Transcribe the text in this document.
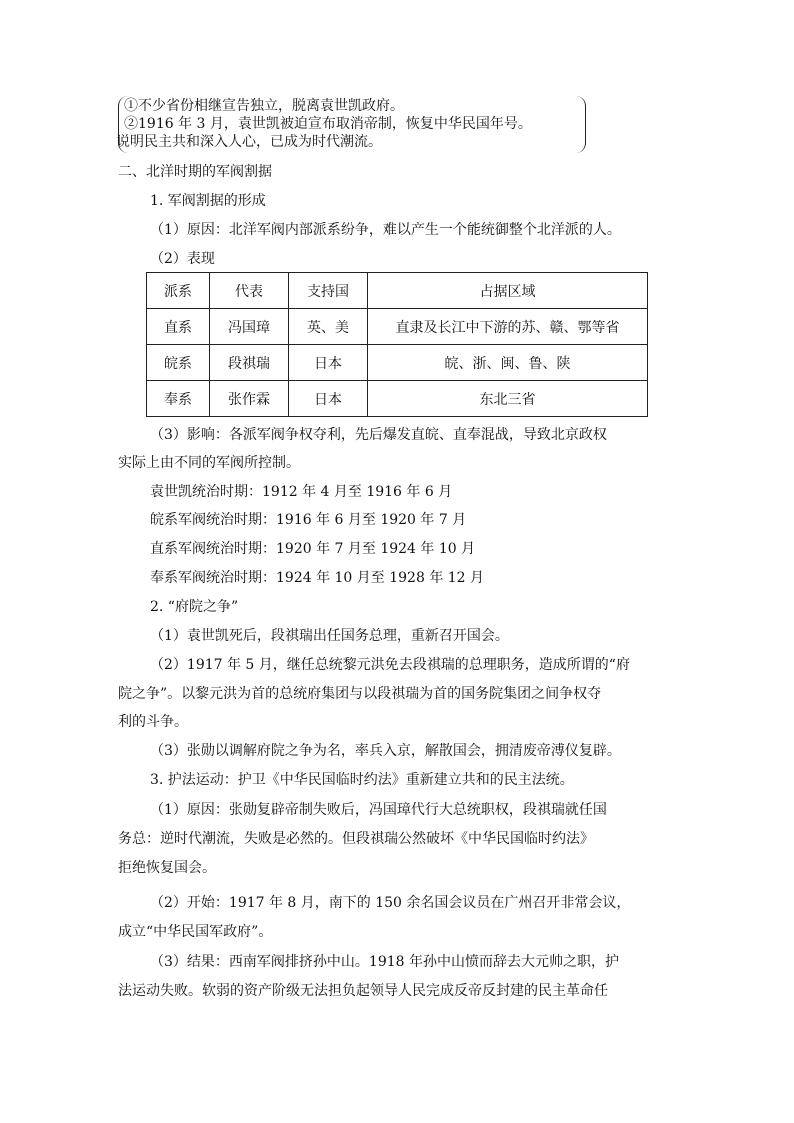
①不少省份相继宣告独立，脱离袁世凯政府。
②1916 年 3 月，袁世凯被迫宣布取消帝制，恢复中华民国年号。
说明民主共和深入人心，已成为时代潮流。
二、北洋时期的军阀割据
1. 军阀割据的形成
（1）原因：北洋军阀内部派系纷争，难以产生一个能统御整个北洋派的人。
（2）表现
派系	代表	支持国	占据区域
直系	冯国璋	英、美	直隶及长江中下游的苏、赣、鄂等省
皖系	段祺瑞	日本	皖、浙、闽、鲁、陕
奉系	张作霖	日本	东北三省
（3）影响：各派军阀争权夺利，先后爆发直皖、直奉混战，导致北京政权
实际上由不同的军阀所控制。
袁世凯统治时期：1912 年 4 月至 1916 年 6 月
皖系军阀统治时期：1916 年 6 月至 1920 年 7 月
直系军阀统治时期：1920 年 7 月至 1924 年 10 月
奉系军阀统治时期：1924 年 10 月至 1928 年 12 月
2. “府院之争”
（1）袁世凯死后，段祺瑞出任国务总理，重新召开国会。
（2）1917 年 5 月，继任总统黎元洪免去段祺瑞的总理职务，造成所谓的“府
院之争”。以黎元洪为首的总统府集团与以段祺瑞为首的国务院集团之间争权夺
利的斗争。
（3）张勋以调解府院之争为名，率兵入京，解散国会，拥清废帝溥仪复辟。
3. 护法运动：护卫《中华民国临时约法》重新建立共和的民主法统。
（1）原因：张勋复辟帝制失败后，冯国璋代行大总统职权，段祺瑞就任国
务总：逆时代潮流，失败是必然的。但段祺瑞公然破坏《中华民国临时约法》
拒绝恢复国会。
（2）开始：1917 年 8 月，南下的 150 余名国会议员在广州召开非常会议，
成立“中华民国军政府”。
（3）结果：西南军阀排挤孙中山。1918 年孙中山愤而辞去大元帅之职，护
法运动失败。软弱的资产阶级无法担负起领导人民完成反帝反封建的民主革命任
